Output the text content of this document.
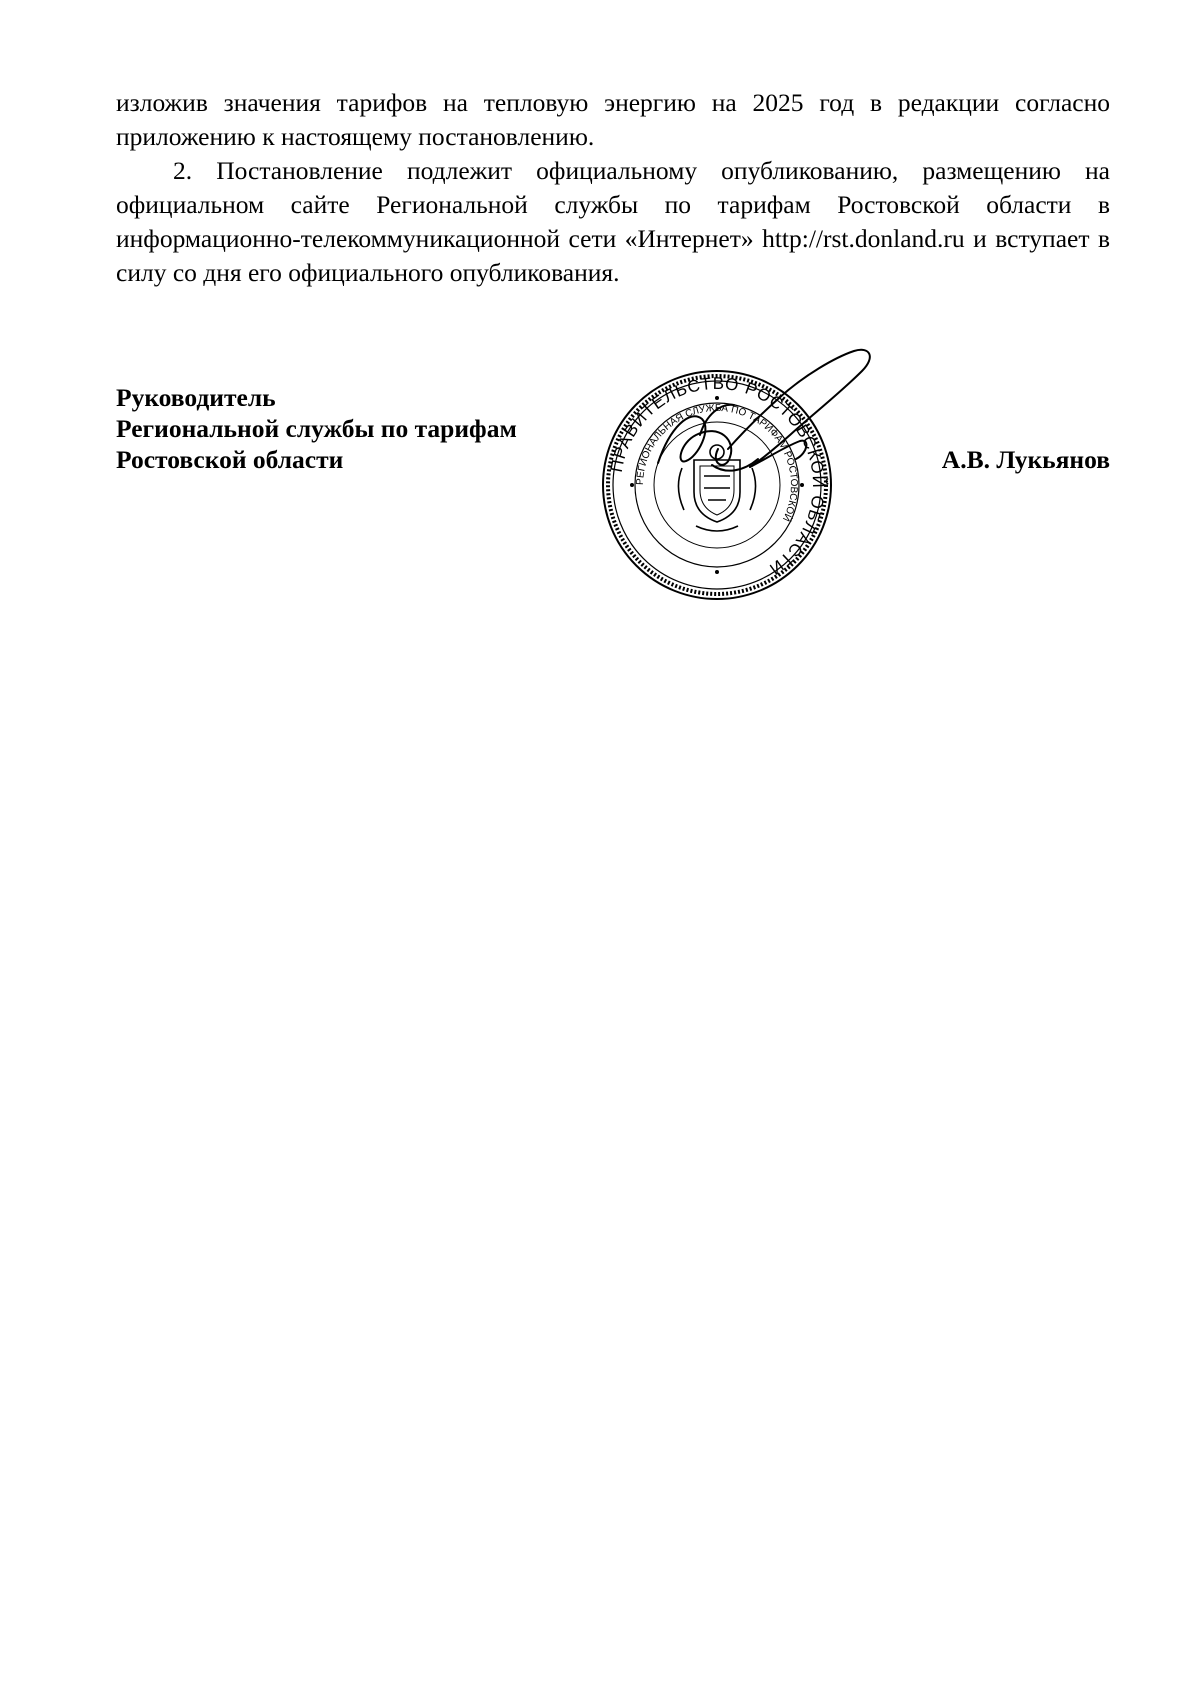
изложив значения тарифов на тепловую энергию на 2025 год в редакции согласно приложению к настоящему постановлению.

2. Постановление подлежит официальному опубликованию, размещению на официальном сайте Региональной службы по тарифам Ростовской области в информационно-телекоммуникационной сети «Интернет» http://rst.donland.ru и вступает в силу со дня его официального опубликования.

Руководитель
Региональной службы по тарифам
Ростовской области	А.В. Лукьянов
ПРАВИТЕЛЬСТВО РОСТОВСКОЙ ОБЛАСТИ
РЕГИОНАЛЬНАЯ СЛУЖБА ПО ТАРИФАМ РОСТОВСКОЙ
